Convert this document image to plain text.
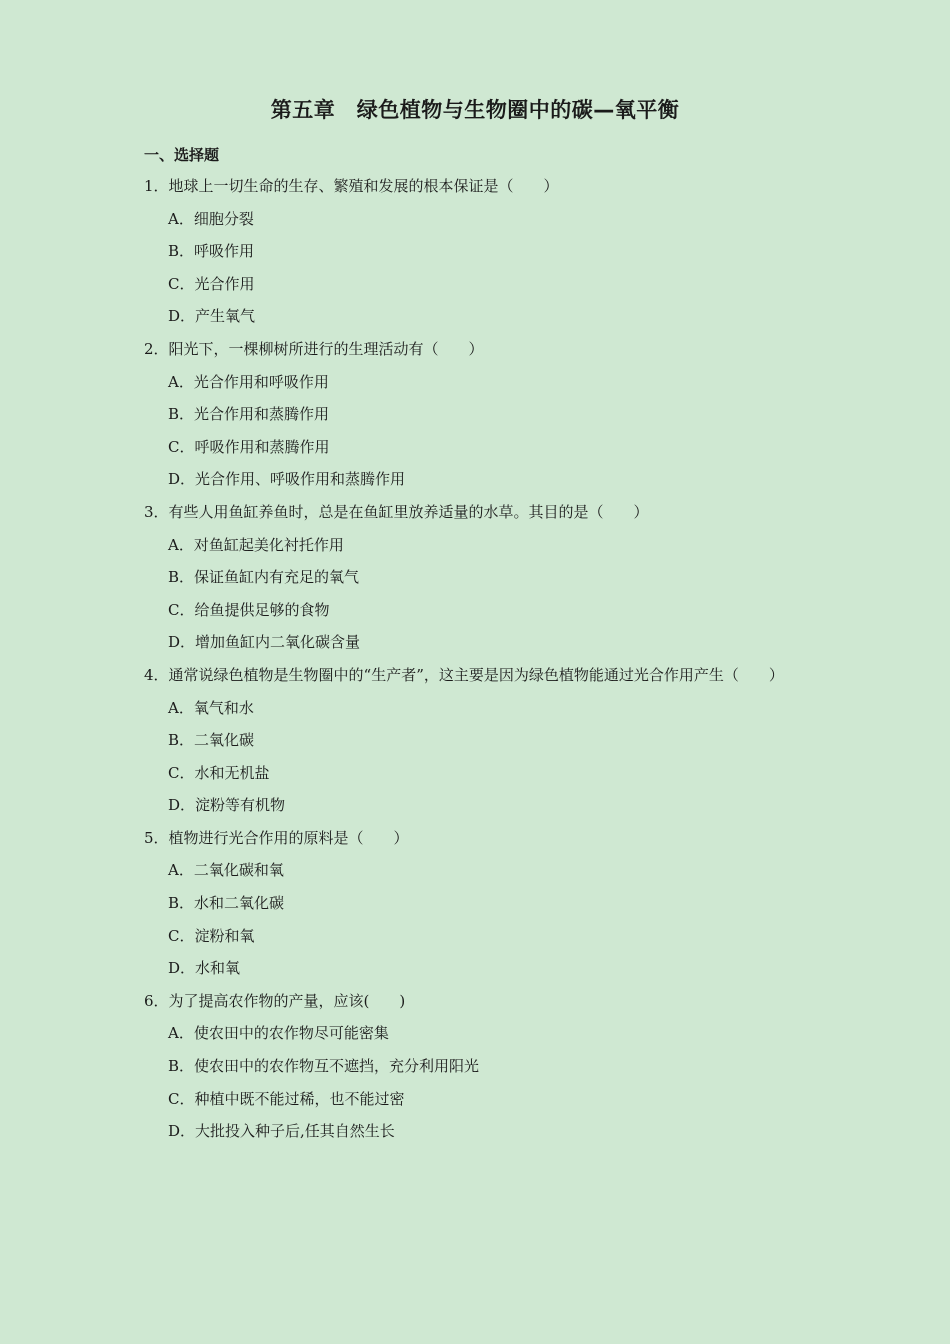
第五章　绿色植物与生物圈中的碳—氧平衡
一、选择题
1．地球上一切生命的生存、繁殖和发展的根本保证是（　　）
A．细胞分裂
B．呼吸作用
C．光合作用
D．产生氧气
2．阳光下，一棵柳树所进行的生理活动有（　　）
A．光合作用和呼吸作用
B．光合作用和蒸腾作用
C．呼吸作用和蒸腾作用
D．光合作用、呼吸作用和蒸腾作用
3．有些人用鱼缸养鱼时，总是在鱼缸里放养适量的水草。其目的是（　　）
A．对鱼缸起美化衬托作用
B．保证鱼缸内有充足的氧气
C．给鱼提供足够的食物
D．增加鱼缸内二氧化碳含量
4．通常说绿色植物是生物圈中的“生产者”，这主要是因为绿色植物能通过光合作用产生（　　）
A．氧气和水
B．二氧化碳
C．水和无机盐
D．淀粉等有机物
5．植物进行光合作用的原料是（　　）
A．二氧化碳和氧
B．水和二氧化碳
C．淀粉和氧
D．水和氧
6．为了提高农作物的产量，应该(　　)
A．使农田中的农作物尽可能密集
B．使农田中的农作物互不遮挡，充分利用阳光
C．种植中既不能过稀，也不能过密
D．大批投入种子后,任其自然生长
